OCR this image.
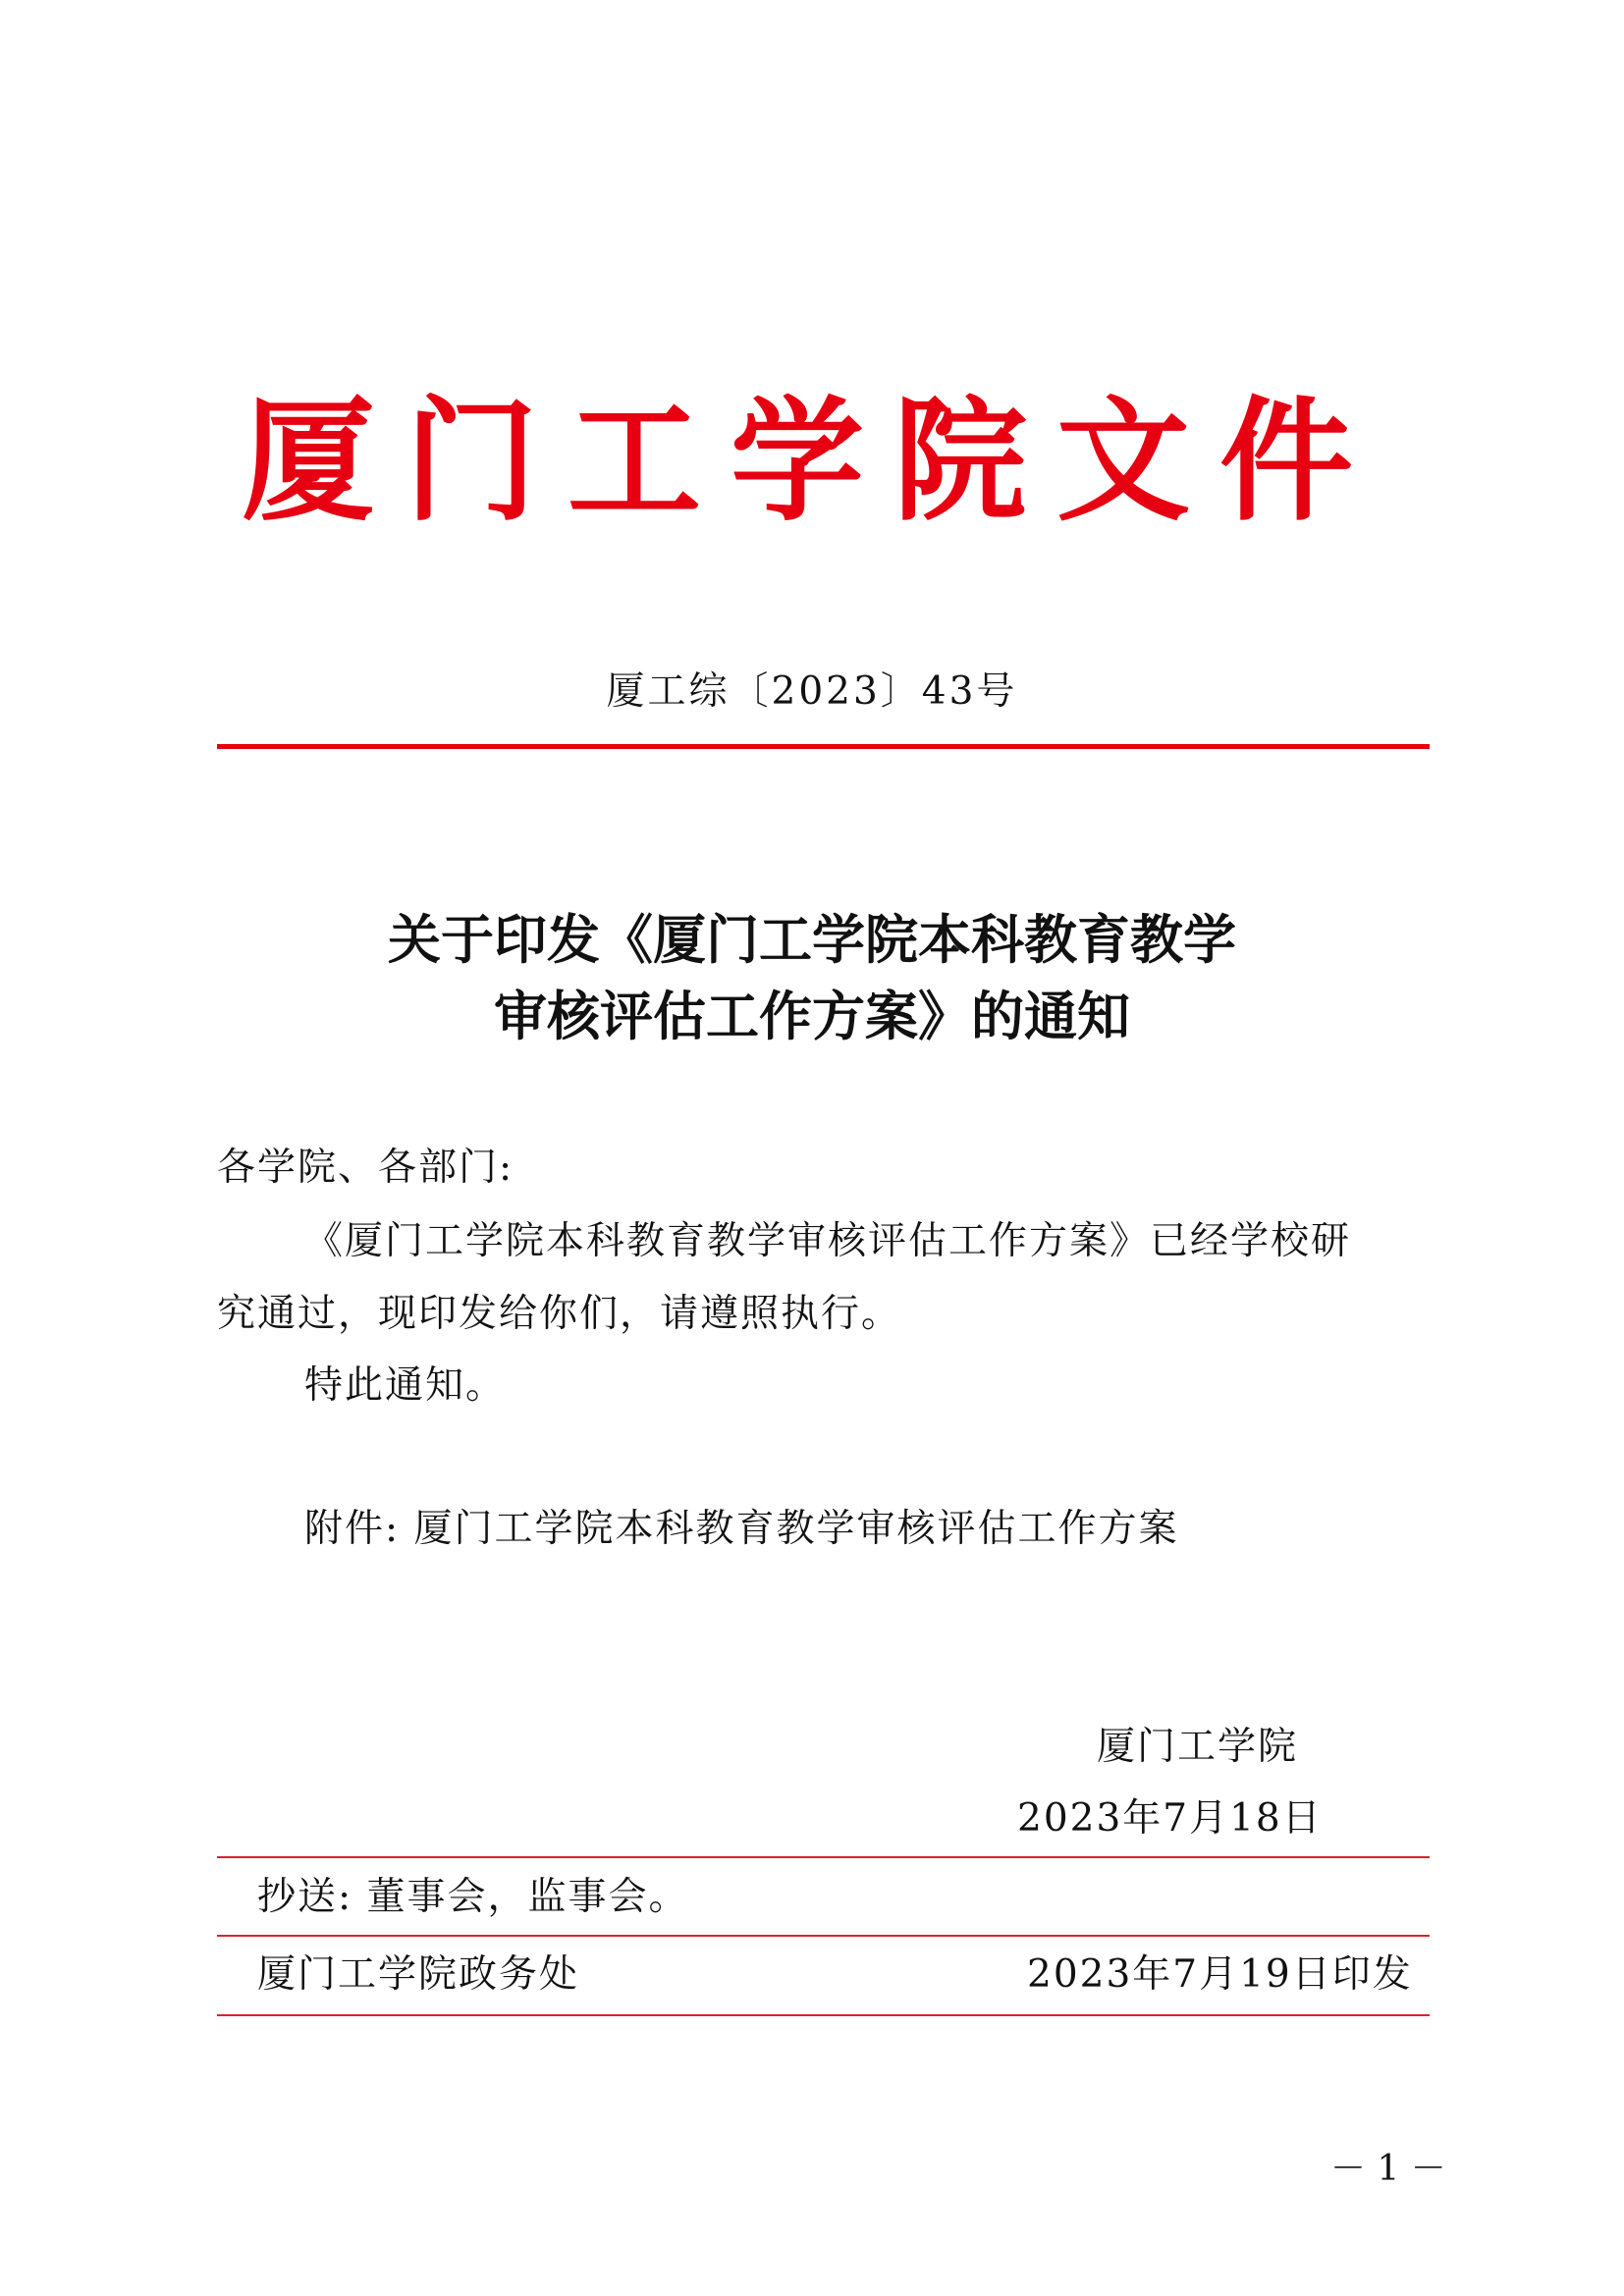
厦门工学院文件
厦工综〔2023〕43号
关于印发《厦门工学院本科教育教学
审核评估工作方案》的通知
各学院、各部门:
《厦门工学院本科教育教学审核评估工作方案》已经学校研
究通过，现印发给你们，请遵照执行。
特此通知。
附件: 厦门工学院本科教育教学审核评估工作方案
厦门工学院
2023年7月18日
抄送: 董事会，监事会。
厦门工学院政务处	2023年7月19日印发
－ 1 －
